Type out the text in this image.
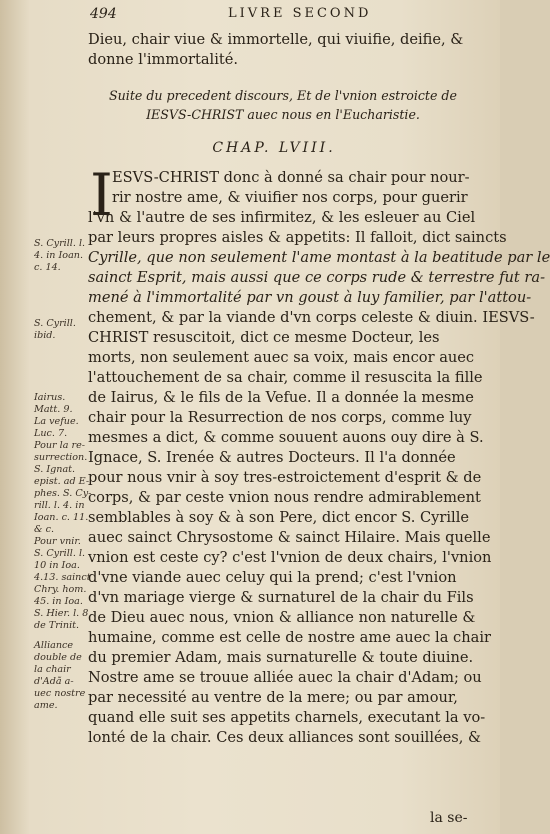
494	LIVRE SECOND
Dieu, chair viue & immortelle, qui viuifie, deifie, &
donne l'immortalité.
Suite du precedent discours, Et de l'vnion estroicte de
IESVS-CHRIST auec nous en l'Eucharistie.
CHAP. LVIII.
I ESVS-CHRIST donc à donné sa chair pour nour-
rir nostre ame, & viuifier nos corps, pour guerir
l'vn & l'autre de ses infirmitez, & les esleuer au Ciel
par leurs propres aisles & appetits: Il falloit, dict saincts
Cyrille, que non seulement l'ame montast à la beatitude par le
sainct Esprit, mais aussi que ce corps rude & terrestre fut ra-
mené à l'immortalité par vn goust à luy familier, par l'attou-
chement, & par la viande d'vn corps celeste & diuin. IESVS-
CHRIST resuscitoit, dict ce mesme Docteur, les
morts, non seulement auec sa voix, mais encor auec
l'attouchement de sa chair, comme il resuscita la fille
de Iairus, & le fils de la Vefue. Il a donnée la mesme
chair pour la Resurrection de nos corps, comme luy
mesmes a dict, & comme souuent auons ouy dire à S.
Ignace, S. Irenée & autres Docteurs. Il l'a donnée
pour nous vnir à soy tres-estroictement d'esprit & de
corps, & par ceste vnion nous rendre admirablement
semblables à soy & à son Pere, dict encor S. Cyrille
auec sainct Chrysostome & sainct Hilaire. Mais quelle
vnion est ceste cy? c'est l'vnion de deux chairs, l'vnion
d'vne viande auec celuy qui la prend; c'est l'vnion
d'vn mariage vierge & surnaturel de la chair du Fils
de Dieu auec nous, vnion & alliance non naturelle &
humaine, comme est celle de nostre ame auec la chair
du premier Adam, mais surnaturelle & toute diuine.
Nostre ame se trouue alliée auec la chair d'Adam; ou
par necessité au ventre de la mere; ou par amour,
quand elle suit ses appetits charnels, executant la vo-
lonté de la chair. Ces deux alliances sont souillées, &
S. Cyrill. l.
4. in Ioan.
c. 14.
S. Cyrill.
ibid.
Iairus.
Matt. 9.
La vefue.
Luc. 7.
Pour la re-
surrection.
S. Ignat.
epist. ad E-
phes. S. Cy-
rill. l. 4. in
Ioan. c. 11.
& c.
Pour vnir.
S. Cyrill. l.
10 in Ioa.
4.13. sainct
Chry. hom.
45. in Ioa.
S. Hier. l. 8
de Trinit.
Alliance
double de
la chair
d'Adã a-
uec nostre
ame.
la se-
